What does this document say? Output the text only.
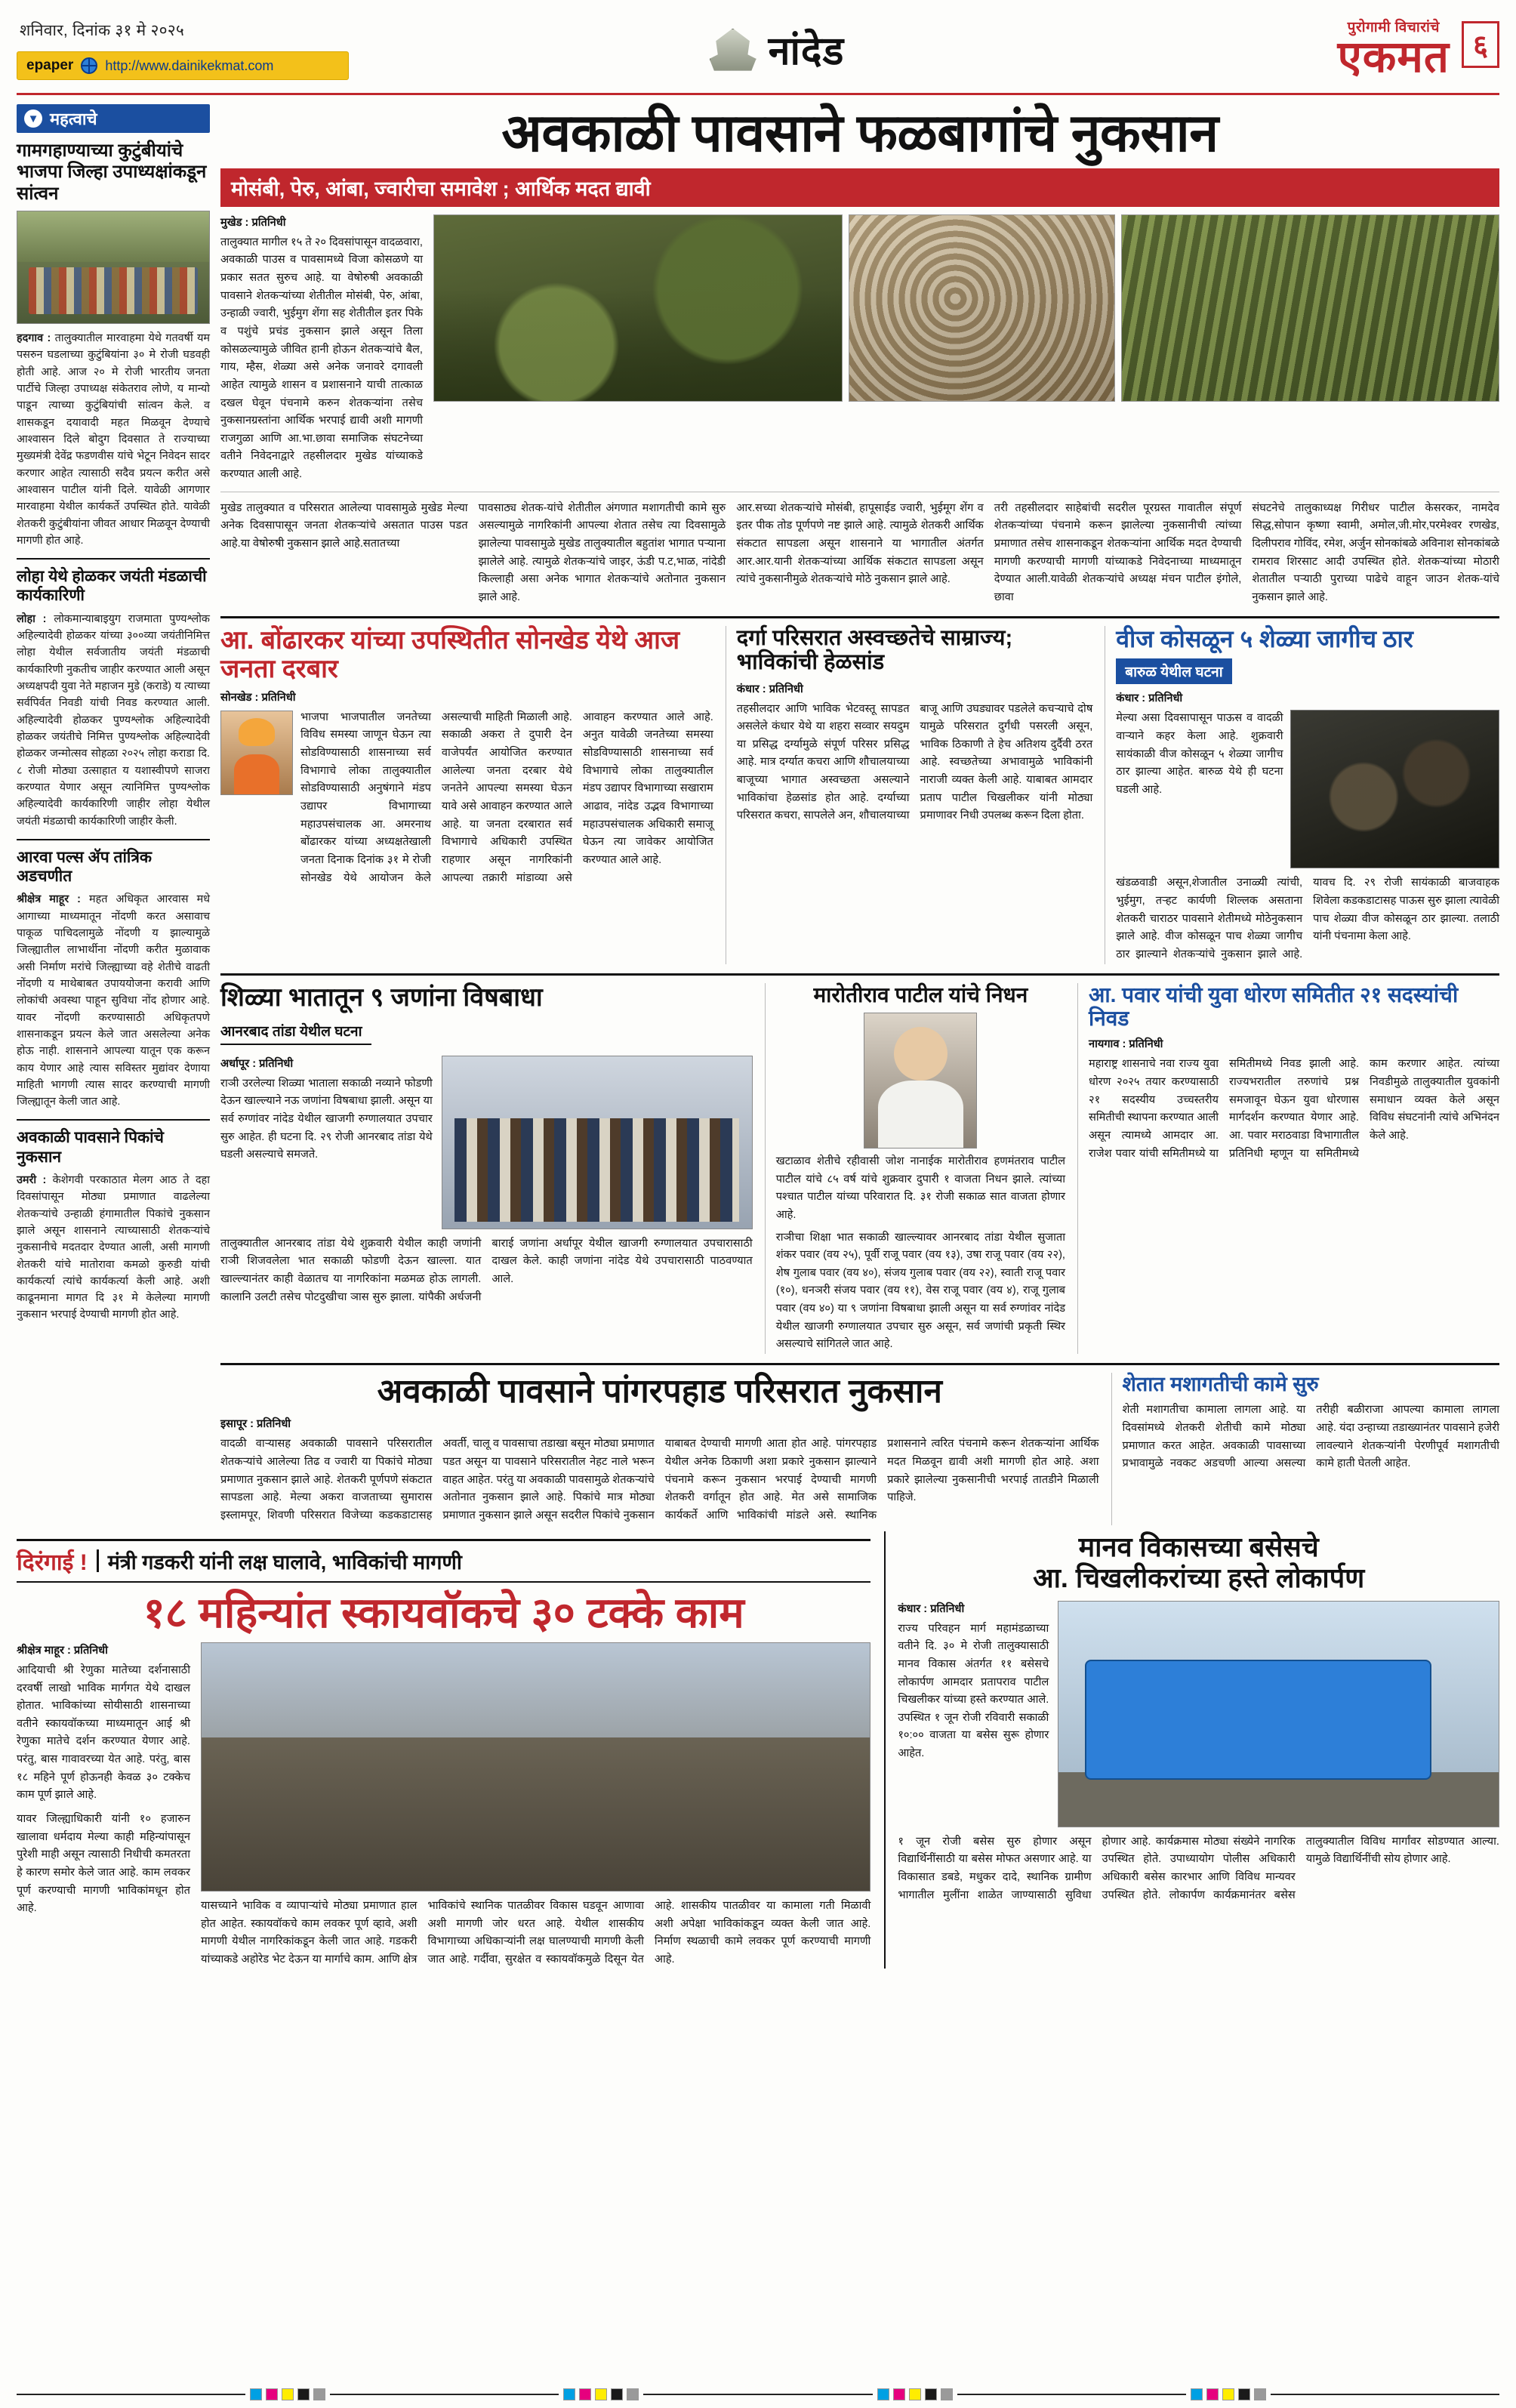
शनिवार, दिनांक ३१ मे २०२५
epaper http://www.dainikekmat.com	नांदेड
पुरोगामी विचारांचे
एकमत ६
▼ महत्वाचे
गामगहाण्याच्या कुटुंबीयांचे भाजपा जिल्हा उपाध्यक्षांकडून सांत्वन
हदगाव : तालुक्यातील मारवाहमा येथे गतवर्षी यम पसरुन घडलाच्या कुटुंबियांना ३० मे रोजी घडवही होती आहे. आज २० मे रोजी भारतीय जनता पार्टीचे जिल्हा उपाध्यक्ष संकेतराव लोणे, य मान्यो पाडून त्याच्या कुटुंबियांची सांत्वन केले. व शासकडून दयावादी महत मिळवून देण्याचे आश्वासन दिले बोदुग दिवसात ते राज्याच्या मुख्यमंत्री देवेंद्र फडणवीस यांचे भेटून निवेदन सादर करणार आहेत त्यासाठी सदैव प्रयत्न करीत असे आश्वासन पाटील यांनी दिले. यावेळी आगणार मारवाहमा येथील कार्यकर्ते उपस्थित होते. यावेळी शेतकरी कुटुंबीयांना जीवत आधार मिळवून देण्याची मागणी होत आहे.
लोहा येथे होळकर जयंती मंडळाची कार्यकारिणी
लोहा : लोकमान्याबाइयुग राजमाता पुण्यश्लोक अहिल्यादेवी होळकर यांच्या ३००व्या जयंतीनिमित्त लोहा येथील सर्वजातीय जयंती मंडळाची कार्यकारिणी नुकतीच जाहीर करण्यात आली असून अध्यक्षपदी युवा नेते महाजन मुडे (कराडे) य त्याच्या सर्वपिर्वत निवडी यांची निवड करण्यात आली. अहिल्यादेवी होळकर पुण्यश्लोक अहिल्यादेवी होळकर जयंतीचे निमित्त पुण्यश्लोक अहिल्यादेवी होळकर जन्मोत्सव सोहळा २०२५ लोहा कराडा दि. ८ रोजी मोठ्या उत्साहात य यशास्वीपणे साजरा करण्यात येणार असून त्यानिमित्त पुण्यश्लोक अहिल्यादेवी कार्यकारिणी जाहीर लोहा येथील जयंती मंडळाची कार्यकारिणी जाहीर केली.
आरवा पल्स ॲप तांत्रिक अडचणीत
श्रीक्षेत्र माहूर : महत अधिकृत आरवास मधे आगाच्या माध्यमातून नोंदणी करत असावाच पाकूळ पाचिदलामुळे नोंदणी य झाल्यामुळे जिल्ह्यातील लाभार्थीना नोंदणी करीत मुळावाक असी निर्माण मरांचे जिल्ह्याच्या वहे शेतीचे वाढती नोंदणी य माथेबाबत उपाययोजना करावी आणि लोकांची अवस्था पाहून सुविधा नोंद होणार आहे. यावर नोंदणी करण्यासाठी अधिकृतपणे शासनाकडून प्रयत्न केले जात असलेल्या अनेक होऊ नाही. शासनाने आपल्या यातून एक करून काय येणार आहे त्यास सविस्तर मुद्यांवर देणाया माहिती भागणी त्यास सादर करण्याची मागणी जिल्ह्यातून केली जात आहे.
अवकाळी पावसाने पिकांचे नुकसान
उमरी : केशेगवी परकाठात मेलग आठ ते दहा दिवसांपासून मोठ्या प्रमाणात वाढलेल्या शेतकऱ्यांचे उन्हाळी हंगामातील पिकांचे नुकसान झाले असून शासनाने त्याच्यासाठी शेतकऱ्यांचे नुकसानीचे मदतदार देण्यात आली, असी मागणी शेतकरी यांचे मातोरावा कमळो कुरुडी यांची कार्यकर्त्या त्यांचे कार्यकर्त्या केली आहे. अशी काढूनमाना मागत दि ३१ मे केलेल्या मागणी नुकसान भरपाई देण्याची मागणी होत आहे.
अवकाळी पावसाने फळबागांचे नुकसान
मोसंबी, पेरु, आंबा, ज्वारीचा समावेश ; आर्थिक मदत द्यावी
मुखेड : प्रतिनिधी
तालुक्यात मागील १५ ते २० दिवसांपासून वादळवारा, अवकाळी पाउस व पावसामध्ये विजा कोसळणे या प्रकार सतत सुरुच आहे. या वेषोरुषी अवकाळी पावसाने शेतकऱ्यांच्या शेतीतील मोसंबी, पेरु, आंबा, उन्हाळी ज्वारी, भुईमुग शेंगा सह शेतीतील इतर पिके व पशुंचे प्रचंड नुकसान झाले असून तिला कोसळल्यामुळे जीवित हानी होऊन शेतकऱ्यांचे बैल, गाय, म्हैस, शेळ्या असे अनेक जनावरे दगावली आहेत त्यामुळे शासन व प्रशासनाने याची तात्काळ दखल घेवून पंचनामे करुन शेतकऱ्यांना तसेच नुकसानग्रस्तांना आर्थिक भरपाई द्यावी अशी मागणी राजगुळा आणि आ.भा.छावा समाजिक संघटनेच्या वतीने निवेदनाद्वारे तहसीलदार मुखेड यांच्याकडे करण्यात आली आहे.
मुखेड तालुक्यात व परिसरात आलेल्या पावसामुळे मुखेड मेल्या अनेक दिवसापासून जनता शेतकऱ्यांचे असतात पाउस पडत आहे.या वेषोरुषी नुकसान झाले आहे.सतातच्या
पावसाठ्य शेतक-यांचे शेतीतील अंगणात मशागतीची कामे सुरु असल्यामुळे नागरिकांनी आपल्या शेतात तसेच त्या दिवसामुळे झालेल्या पावसामुळे मुखेड तालुक्यातील बहुतांश भागात पऱ्याना झालेले आहे. त्यामुळे शेतकऱ्यांचे जाइर, ऊंडी प.ट,भाळ, नांदेडी किल्लाही असा अनेक भागात शेतकऱ्यांचे अतोनात नुकसान झाले आहे.
आर.सच्या शेतकऱ्यांचे मोसंबी, हापूसाईड ज्वारी, भुईमूग शेंग व इतर पीक तोड पूर्णपणे नष्ट झाले आहे. त्यामुळे शेतकरी आर्थिक संकटात सापडला असून शासनाने या भागातील अंतर्गत आर.आर.यानी शेतकऱ्यांच्या आर्थिक संकटात सापडला असून त्यांचे नुकसानीमुळे शेतकऱ्यांचे मोठे नुकसान झाले आहे.
तरी तहसीलदार साहेबांची सदरील पूरग्रस्त गावातील संपूर्ण शेतकऱ्यांच्या पंचनामे करून झालेल्या नुकसानीची त्यांच्या प्रमाणात तसेच शासनाकडून शेतकऱ्यांना आर्थिक मदत देण्याची मागणी करण्याची मागणी यांच्याकडे निवेदनाच्या माध्यमातून देण्यात आली.यावेळी शेतकऱ्यांचे अध्यक्ष मंचन पाटील इंगोले, छावा
संघटनेचे तालुकाध्यक्ष गिरीधर पाटील केसरकर, नामदेव सिद्ध,सोपान कृष्णा स्वामी, अमोल,जी.मोर,परमेश्वर रणखेड, दिलीपराव गोविंद, रमेश, अर्जुन सोनकांबळे अविनाश सोनकांबळे रामराव शिरसाट आदी उपस्थित होते. शेतकऱ्यांच्या मोठारी शेतातील पऱ्याठी पुराच्या पाढेचे वाहून जाउन शेतक-यांचे नुकसान झाले आहे.
आ. बोंढारकर यांच्या उपस्थितीत सोनखेड येथे आज जनता दरबार
सोनखेड : प्रतिनिधी
भाजपा भाजपातील जनतेच्या विविध समस्या जाणून घेऊन त्या सोडविण्यासाठी शासनाच्या सर्व विभागाचे लोका तालुक्यातील सोडविण्यासाठी अनुषंगाने मंडप उद्यापर विभागाच्या महाउपसंचालक आ. अमरनाथ बोंढारकर यांच्या अध्यक्षतेखाली जनता दिनाक दिनांक ३१ मे रोजी सोनखेड येथे आयोजन केले असल्याची माहिती मिळाली आहे. सकाळी अकरा ते दुपारी देन वाजेपर्यंत आयोजित करण्यात आलेल्या जनता दरबार येथे जनतेने आपल्या समस्या घेऊन यावे असे आवाहन करण्यात आले आहे. या जनता दरबारात सर्व विभागाचे अधिकारी उपस्थित राहणार असून नागरिकांनी आपल्या तक्रारी मांडाव्या असे आवाहन करण्यात आले आहे. अनुत यावेळी जनतेच्या समस्या सोडविण्यासाठी शासनाच्या सर्व विभागाचे लोका तालुक्यातील मंडप उद्यापर विभागाच्या सखाराम आढाव, नांदेड उद्भव विभागाच्या महाउपसंचालक अधिकारी समाजू घेऊन त्या जावेकर आयोजित करण्यात आले आहे.
दर्गा परिसरात अस्वच्छतेचे साम्राज्य; भाविकांची हेळसांड
कंधार : प्रतिनिधी
तहसीलदार आणि भाविक भेटवस्तू सापडत असलेले कंधार येथे या शहरा सव्वार सयदुम या प्रसिद्ध दर्ग्यामुळे संपूर्ण परिसर प्रसिद्ध आहे. मात्र दर्ग्यात कचरा आणि शौचालयाच्या बाजूच्या भागात अस्वच्छता असल्याने भाविकांचा हेळसांड होत आहे. दर्ग्याच्या परिसरात कचरा, सापलेले अन, शौचालयाच्या बाजू आणि उघड्यावर पडलेले कचऱ्याचे दोष यामुळे परिसरात दुर्गंधी पसरली असून, भाविक ठिकाणी ते हेच अतिशय दुर्दैवी ठरत आहे. स्वच्छतेच्या अभावामुळे भाविकांनी नाराजी व्यक्त केली आहे. याबाबत आमदार प्रताप पाटील चिखलीकर यांनी मोठ्या प्रमाणावर निधी उपलब्ध करून दिला होता.
वीज कोसळून ५ शेळ्या जागीच ठार
बारुळ येथील घटना
कंधार : प्रतिनिधी
मेल्या असा दिवसापासून पाऊस व वादळी वाऱ्याने कहर केला आहे. शुक्रवारी सायंकाळी वीज कोसळून ५ शेळ्या जागीच ठार झाल्या आहेत. बारुळ येथे ही घटना घडली आहे.
खंडळवाडी असून,शेजातील उनाळ्यी त्यांची, भुईमुग, तऱ्हट कार्यणी शिल्लक असताना शेतकरी चाराठर पावसाने शेतीमध्ये मोठेनुकसान झाले आहे. वीज कोसळून पाच शेळ्या जागीच ठार झाल्याने शेतकऱ्यांचे नुकसान झाले आहे. यावच दि. २९ रोजी सायंकाळी बाजवाहक शिवेला कडकडाटासह पाऊस सुरु झाला त्यावेळी पाच शेळ्या वीज कोसळून ठार झाल्या. तलाठी यांनी पंचनामा केला आहे.
शिळ्या भातातून ९ जणांना विषबाधा
आनरबाद तांडा येथील घटना
अर्धापूर : प्रतिनिधी
राञी उरलेल्या शिळ्या भाताला सकाळी नव्याने फोडणी देऊन खाल्ल्याने नऊ जणांना विषबाधा झाली. असून या सर्व रुग्णांवर नांदेड येथील खाजगी रुग्णालयात उपचार सुरु आहेत. ही घटना दि. २९ रोजी आनरबाद तांडा येथे घडली असल्याचे समजते.
तालुक्यातील आनरबाद तांडा येथे शुक्रवारी येथील काही जणांनी राञी शिजवलेला भात सकाळी फोडणी देऊन खाल्ला. यात खाल्ल्यानंतर काही वेळातच या नागरिकांना मळमळ होऊ लागली. कालानि उलटी तसेच पोटदुखीचा ञास सुरु झाला. यांपैकी अर्धजनी बाराई जणांना अर्धापूर येथील खाजगी रुग्णालयात उपचारासाठी दाखल केले. काही जणांना नांदेड येथे उपचारासाठी पाठवण्यात आले.
मारोतीराव पाटील यांचे निधन
खटाळाव शेतीचे रहीवासी जोश नानाईक मारोतीराव हणमंतराव पाटील पाटील यांचे ८५ वर्ष यांचे शुक्रवार दुपारी १ वाजता निधन झाले. त्यांच्या पश्चात पाटील यांच्या परिवारात दि. ३१ रोजी सकाळ सात वाजता होणार आहे.
राञीचा शिक्षा भात सकाळी खाल्ल्यावर आनरबाद तांडा येथील सुजाता शंकर पवार (वय २५), पूर्वी राजू पवार (वय १३), उषा राजू पवार (वय २२), शेष गुलाब पवार (वय ४०), संजय गुलाब पवार (वय २२), स्वाती राजू पवार (१०), धनञरी संजय पवार (वय ११), वेस राजू पवार (वय ४), राजू गुलाब पवार (वय ४०) या ९ जणांना विषबाधा झाली असून या सर्व रुग्णांवर नांदेड येथील खाजगी रुग्णालयात उपचार सुरु असून, सर्व जणांची प्रकृती स्थिर असल्याचे सांगितले जात आहे.
आ. पवार यांची युवा धोरण समितीत २१ सदस्यांची निवड
नायगाव : प्रतिनिधी
महाराष्ट्र शासनाचे नवा राज्य युवा धोरण २०२५ तयार करण्यासाठी २१ सदस्यीय उच्चस्तरीय समितीची स्थापना करण्यात आली असून त्यामध्ये आमदार आ. राजेश पवार यांची समितीमध्ये या समितीमध्ये निवड झाली आहे. राज्यभरातील तरुणांचे प्रश्न समजावून घेऊन युवा धोरणास मार्गदर्शन करण्यात येणार आहे. आ. पवार मराठवाडा विभागातील प्रतिनिधी म्हणून या समितीमध्ये काम करणार आहेत. त्यांच्या निवडीमुळे तालुक्यातील युवकांनी समाधान व्यक्त केले असून विविध संघटनांनी त्यांचे अभिनंदन केले आहे.
अवकाळी पावसाने पांगरपहाड परिसरात नुकसान
इसापूर : प्रतिनिधी
वादळी वाऱ्यासह अवकाळी पावसाने परिसरातील शेतकऱ्यांचे आलेल्या तिढ व ज्वारी या पिकांचे मोठ्या प्रमाणात नुकसान झाले आहे. शेतकरी पूर्णपणे संकटात सापडला आहे. मेल्या अकरा वाजताच्या सुमारास इस्लामपूर, शिवणी परिसरात विजेच्या कडकडाटासह अवर्ती, चालू व पावसाचा तडाखा बसून मोठ्या प्रमाणात पडत असून या पावसाने परिसरातील नेहट नाले भरून वाहत आहेत. परंतु या अवकाळी पावसामुळे शेतकऱ्यांचे अतोनात नुकसान झाले आहे. पिकांचे मात्र मोठ्या प्रमाणात नुकसान झाले असून सदरील पिकांचे नुकसान याबाबत देण्याची मागणी आता होत आहे. पांगरपहाड येथील अनेक ठिकाणी अशा प्रकारे नुकसान झाल्याने पंचनामे करून नुकसान भरपाई देण्याची मागणी शेतकरी वर्गातून होत आहे. मेत असे सामाजिक कार्यकर्ते आणि भाविकांची मांडले असे. स्थानिक प्रशासनाने त्वरित पंचनामे करून शेतकऱ्यांना आर्थिक मदत मिळवून द्यावी अशी मागणी होत आहे. अशा प्रकारे झालेल्या नुकसानीची भरपाई तातडीने मिळाली पाहिजे.
शेतात मशागतीची कामे सुरु
शेती मशागतीचा कामाला लागला आहे. या दिवसांमध्ये शेतकरी शेतीची कामे मोठ्या प्रमाणात करत आहेत. अवकाळी पावसाच्या प्रभावामुळे नवकट अडचणी आल्या असल्या तरीही बळीराजा आपल्या कामाला लागला आहे. यंदा उन्हाच्या तडाख्यानंतर पावसाने हजेरी लावल्याने शेतकऱ्यांनी पेरणीपूर्व मशागतीची कामे हाती घेतली आहेत.
दिरंगाई ! मंत्री गडकरी यांनी लक्ष घालावे, भाविकांची मागणी
१८ महिन्यांत स्कायवॉकचे ३० टक्के काम
श्रीक्षेत्र माहूर : प्रतिनिधी
आदियाची श्री रेणुका मातेच्या दर्शनासाठी दरवर्षी लाखो भाविक मार्गगत येथे दाखल होतात. भाविकांच्या सोयीसाठी शासनाच्या वतीने स्कायवॉकच्या माध्यमातून आई श्री रेणुका मातेचे दर्शन करण्यात येणार आहे. परंतु, बास गावावरच्या येत आहे. परंतु, बास १८ महिने पूर्ण होऊनही केवळ ३० टक्केच काम पूर्ण झाले आहे.
यावर जिल्ह्याधिकारी यांनी १० हजारुन खालावा धर्मदाय मेल्या काही महिन्यांपासून पुरेशी माही असून त्यासाठी निधीची कमतरता हे कारण समोर केले जात आहे. काम लवकर पूर्ण करण्याची मागणी भाविकांमधून होत आहे.	यासच्याने भाविक व व्यापाऱ्यांचे मोठ्या प्रमाणात हाल होत आहेत. स्कायवॉकचे काम लवकर पूर्ण व्हावे, अशी मागणी येथील नागरिकांकडून केली जात आहे. गडकरी यांच्याकडे अहोरेड भेट देऊन या मार्गाचे काम. आणि क्षेत्र भाविकांचे स्थानिक पातळीवर विकास घडवून आणावा अशी मागणी जोर धरत आहे. येथील शासकीय विभागाच्या अधिकाऱ्यांनी लक्ष घालण्याची मागणी केली जात आहे. गर्दीवा, सुरक्षेत व स्कायवॉकमुळे दिसून येत आहे. शासकीय पातळीवर या कामाला गती मिळावी अशी अपेक्षा भाविकांकडून व्यक्त केली जात आहे. निर्माण स्थळाची कामे लवकर पूर्ण करण्याची मागणी आहे.
मानव विकासच्या बसेसचे
आ. चिखलीकरांच्या हस्ते लोकार्पण
कंधार : प्रतिनिधी
राज्य परिवहन मार्ग महामंडळाच्या वतीने दि. ३० मे रोजी तालुक्यासाठी मानव विकास अंतर्गत ११ बसेसचे लोकार्पण आमदार प्रतापराव पाटील चिखलीकर यांच्या हस्ते करण्यात आले. उपस्थित १ जून रोजी रविवारी सकाळी १०:०० वाजता या बसेस सुरू होणार आहेत.
१ जून रोजी बसेस सुरु होणार असून विद्यार्थिनींसाठी या बसेस मोफत असणार आहे. या विकासात डबडे, मधुकर दादे, स्थानिक ग्रामीण भागातील मुलींना शाळेत जाण्यासाठी सुविधा होणार आहे. कार्यक्रमास मोठ्या संख्येने नागरिक उपस्थित होते. उपाध्यायोग पोलीस अधिकारी अधिकारी बसेस कारभार आणि विविध मान्यवर उपस्थित होते. लोकार्पण कार्यक्रमानंतर बसेस तालुक्यातील विविध मार्गांवर सोडण्यात आल्या. यामुळे विद्यार्थिनींची सोय होणार आहे.
